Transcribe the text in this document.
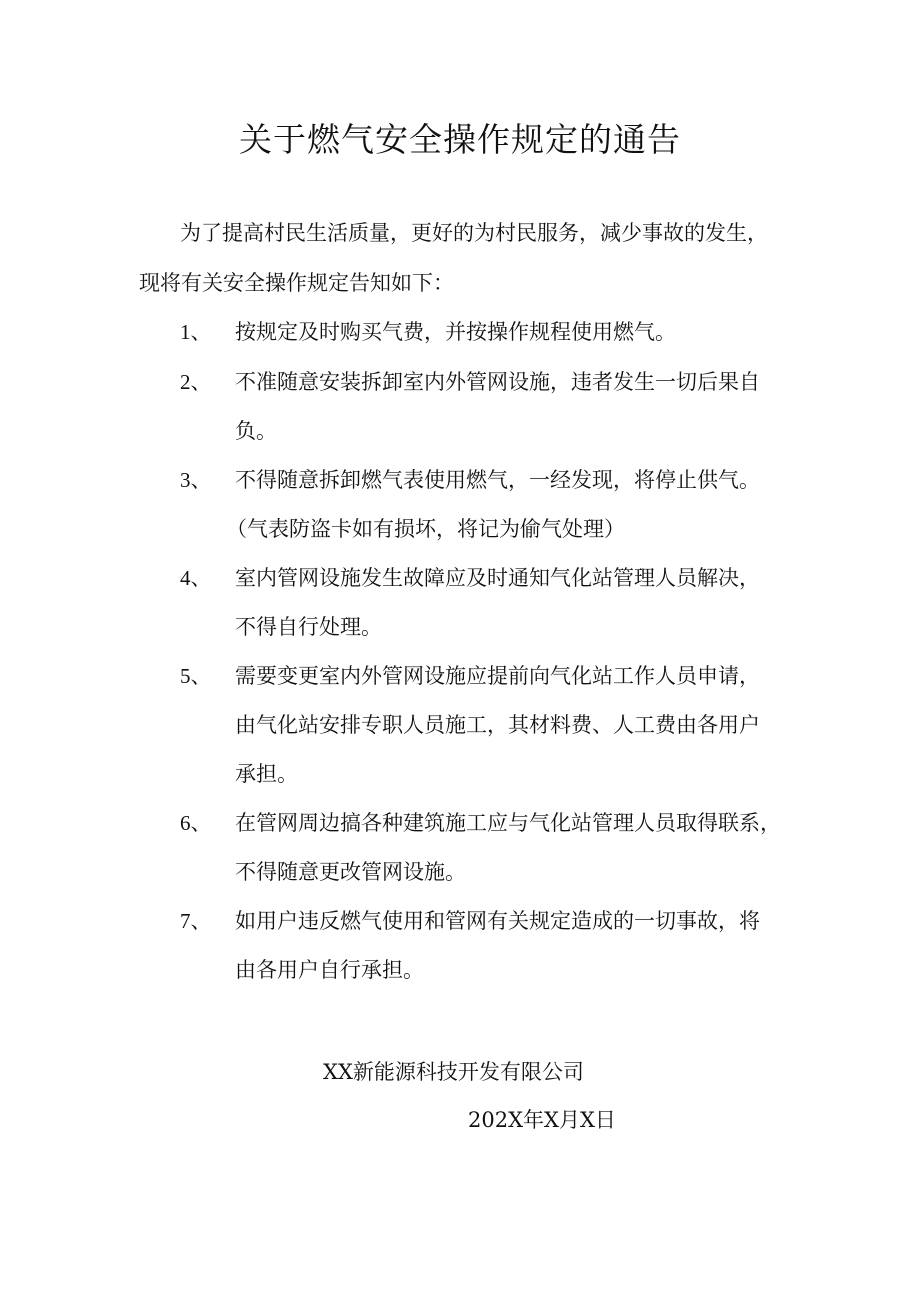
关于燃气安全操作规定的通告
为了提高村民生活质量，更好的为村民服务，减少事故的发生，
现将有关安全操作规定告知如下：
1、 按规定及时购买气费，并按操作规程使用燃气。
2、 不准随意安装拆卸室内外管网设施，违者发生一切后果自
负。
3、 不得随意拆卸燃气表使用燃气，一经发现，将停止供气。
（气表防盗卡如有损坏，将记为偷气处理）
4、 室内管网设施发生故障应及时通知气化站管理人员解决，
不得自行处理。
5、 需要变更室内外管网设施应提前向气化站工作人员申请，
由气化站安排专职人员施工，其材料费、人工费由各用户
承担。
6、 在管网周边搞各种建筑施工应与气化站管理人员取得联系，
不得随意更改管网设施。
7、 如用户违反燃气使用和管网有关规定造成的一切事故，将
由各用户自行承担。
XX新能源科技开发有限公司
202X年X月X日
